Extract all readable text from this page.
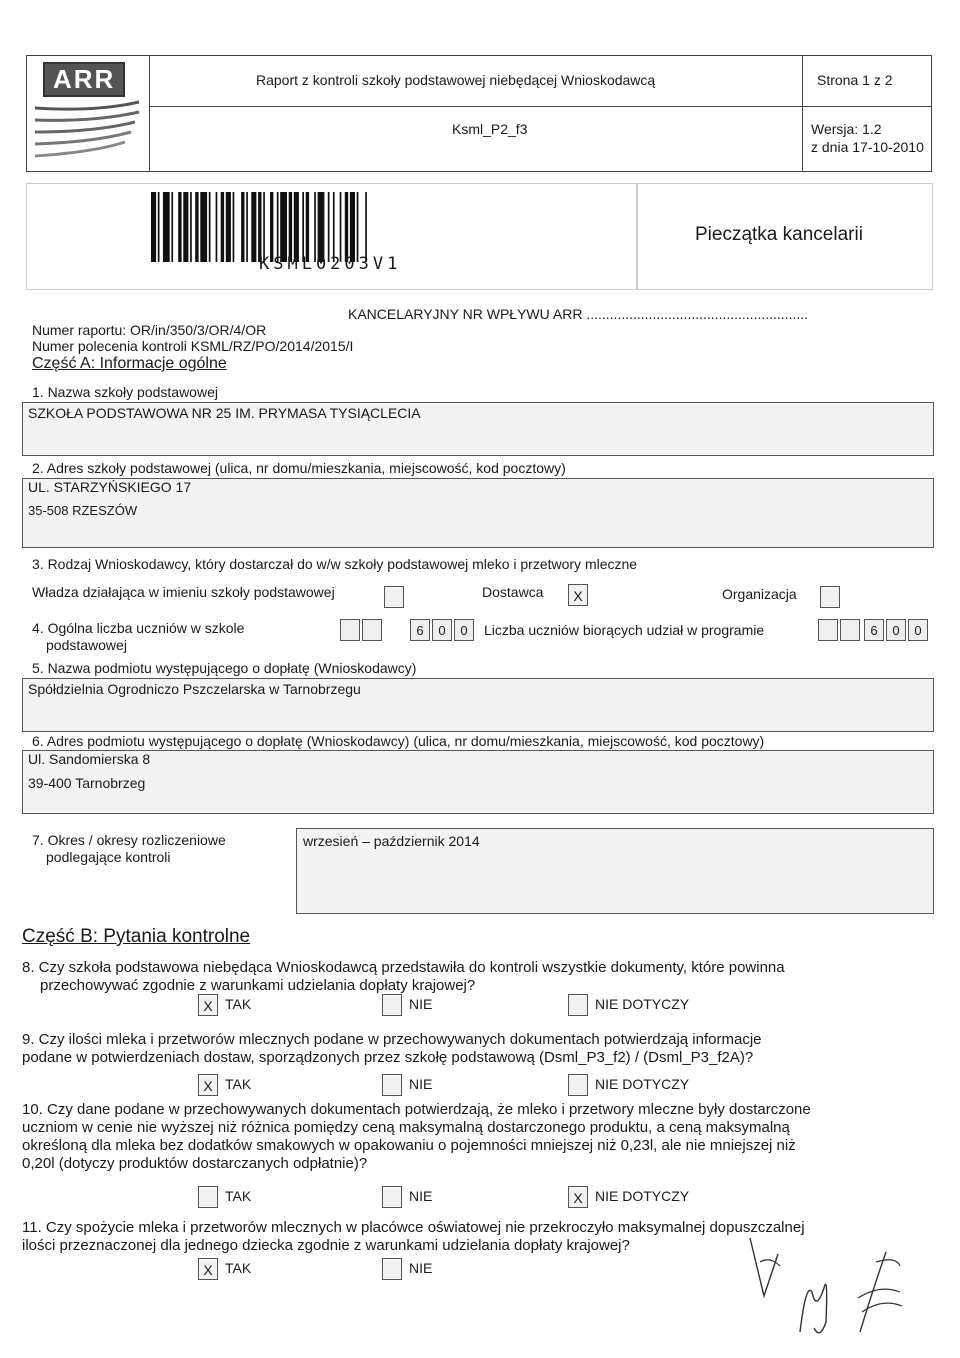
ARR	Raport z kontroli szkoły podstawowej niebędącej Wnioskodawcą	Strona 1 z 2
Ksml_P2_f3	Wersja: 1.2
z dnia 17-10-2010
KSML0203V1
Pieczątka kancelarii
KANCELARYJNY NR WPŁYWU ARR .........................................................
Numer raportu: OR/in/350/3/OR/4/OR
Numer polecenia kontroli KSML/RZ/PO/2014/2015/I
Część A: Informacje ogólne
1. Nazwa szkoły podstawowej
SZKOŁA PODSTAWOWA NR 25 IM. PRYMASA TYSIĄCLECIA
2. Adres szkoły podstawowej (ulica, nr domu/mieszkania, miejscowość, kod pocztowy)
UL. STARZYŃSKIEGO 17
35-508 RZESZÓW
3. Rodzaj Wnioskodawcy, który dostarczał do w/w szkoły podstawowej mleko i przetwory mleczne
Władza działająca w imieniu szkoły podstawowej	Dostawca	X	Organizacja
4. Ogólna liczba uczniów w szkole
podstawowej
6	0	0	Liczba uczniów biorących udział w programie	6	0	0
5. Nazwa podmiotu występującego o dopłatę (Wnioskodawcy)
Spółdzielnia Ogrodniczo Pszczelarska w Tarnobrzegu
6. Adres podmiotu występującego o dopłatę (Wnioskodawcy) (ulica, nr domu/mieszkania, miejscowość, kod pocztowy)
Ul. Sandomierska 8
39-400 Tarnobrzeg
7. Okres / okresy rozliczeniowe
podlegające kontroli
wrzesień – październik 2014
Część B: Pytania kontrolne
8. Czy szkoła podstawowa niebędąca Wnioskodawcą przedstawiła do kontroli wszystkie dokumenty, które powinna
przechowywać zgodnie z warunkami udzielania dopłaty krajowej?
X TAK	NIE	NIE DOTYCZY
9. Czy ilości mleka i przetworów mlecznych podane w przechowywanych dokumentach potwierdzają informacje
podane w potwierdzeniach dostaw, sporządzonych przez szkołę podstawową (Dsml_P3_f2) / (Dsml_P3_f2A)?
X TAK	NIE	NIE DOTYCZY
10. Czy dane podane w przechowywanych dokumentach potwierdzają, że mleko i przetwory mleczne były dostarczone
uczniom w cenie nie wyższej niż różnica pomiędzy ceną maksymalną dostarczonego produktu, a ceną maksymalną
określoną dla mleka bez dodatków smakowych w opakowaniu o pojemności mniejszej niż 0,23l, ale nie mniejszej niż
0,20l (dotyczy produktów dostarczanych odpłatnie)?
TAK	NIE	X NIE DOTYCZY
11. Czy spożycie mleka i przetworów mlecznych w placówce oświatowej nie przekroczyło maksymalnej dopuszczalnej
ilości przeznaczonej dla jednego dziecka zgodnie z warunkami udzielania dopłaty krajowej?
X TAK	NIE
